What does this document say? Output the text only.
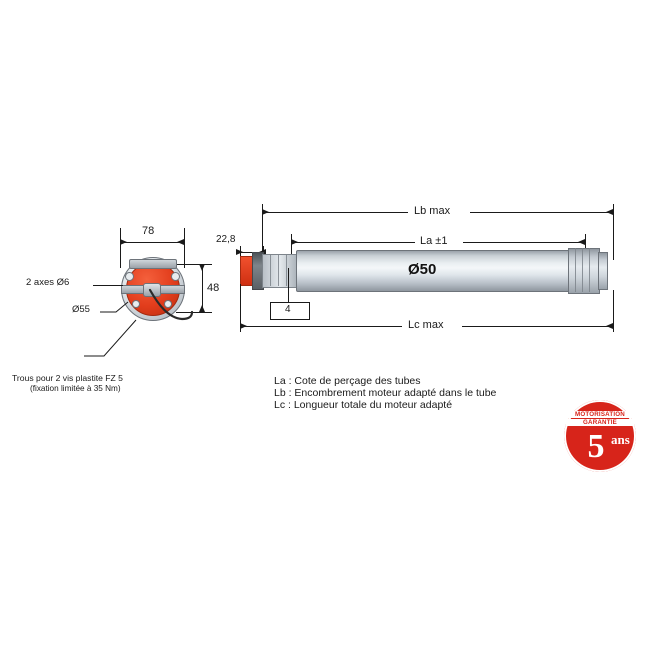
78
48
2 axes Ø6
Ø55
Trous pour 2 vis plastite FZ 5
(fixation limitée à 35 Nm)
Lb max
La ±1
22,8
Ø50
4
Lc max
La : Cote de perçage des tubes
Lb : Encombrement moteur adapté dans le tube
Lc : Longueur totale du moteur adapté
MOTORISATION
GARANTIE
5 ans
